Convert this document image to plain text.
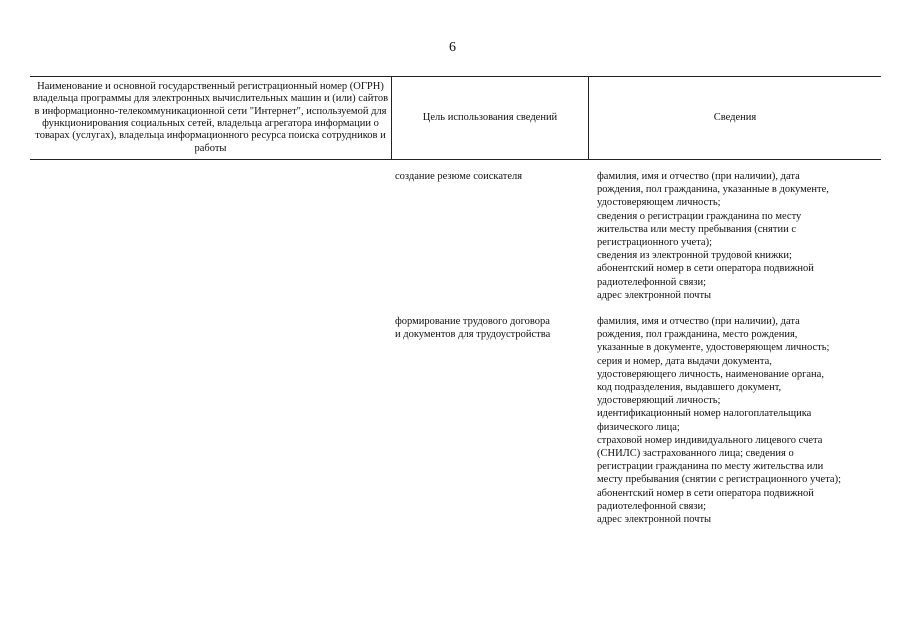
6
Наименование и основной государственный регистрационный номер (ОГРН) владельца программы для электронных вычислительных машин и (или) сайтов в информационно-телекоммуникационной сети "Интернет", используемой для функционирования социальных сетей, владельца агрегатора информации о товарах (услугах), владельца информационного ресурса поиска сотрудников и работы
Цель использования сведений	Сведения
создание резюме соискателя	фамилия, имя и отчество (при наличии), дата
рождения, пол гражданина, указанные в документе,
удостоверяющем личность;
сведения о регистрации гражданина по месту
жительства или месту пребывания (снятии с
регистрационного учета);
сведения из электронной трудовой книжки;
абонентский номер в сети оператора подвижной
радиотелефонной связи;
адрес электронной почты
формирование трудового договора
и документов для трудоустройства
фамилия, имя и отчество (при наличии), дата
рождения, пол гражданина, место рождения,
указанные в документе, удостоверяющем личность;
серия и номер, дата выдачи документа,
удостоверяющего личность, наименование органа,
код подразделения, выдавшего документ,
удостоверяющий личность;
идентификационный номер налогоплательщика
физического лица;
страховой номер индивидуального лицевого счета
(СНИЛС) застрахованного лица; сведения о
регистрации гражданина по месту жительства или
месту пребывания (снятии с регистрационного учета);
абонентский номер в сети оператора подвижной
радиотелефонной связи;
адрес электронной почты
